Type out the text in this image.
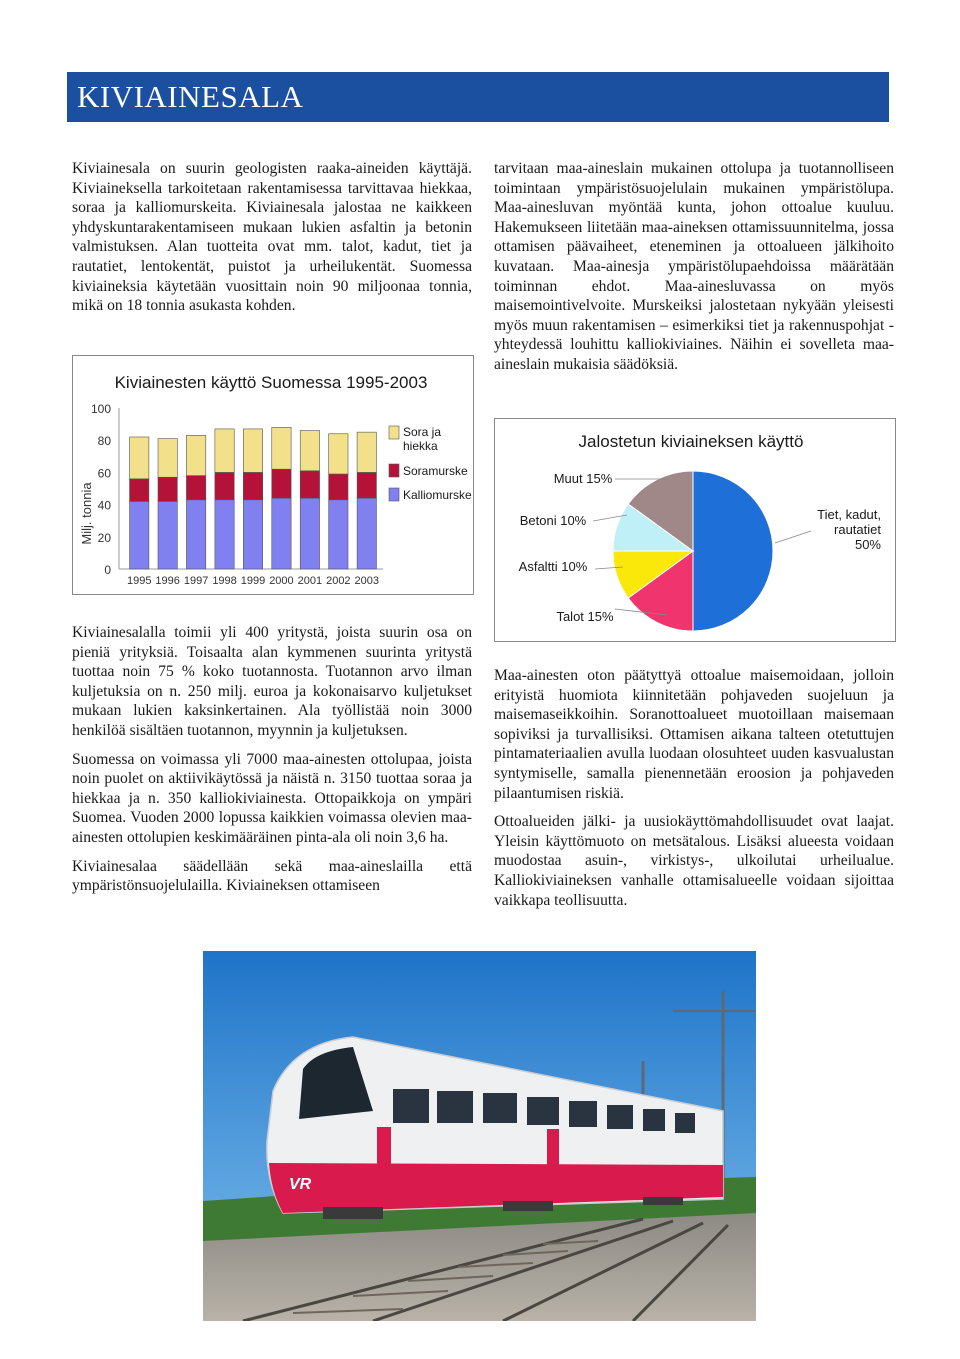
KIVIAINESALA

Kiviainesala on suurin geologisten raaka-aineiden käyttäjä. Kiviaineksella tarkoitetaan rakentamisessa tarvittavaa hiekkaa, soraa ja kalliomurskeita. Kiviainesala jalostaa ne kaikkeen yhdyskuntarakentamiseen mukaan lukien asfaltin ja betonin valmistuksen. Alan tuotteita ovat mm. talot, kadut, tiet ja rautatiet, lentokentät, puistot ja urheilukentät. Suomessa kiviaineksia käytetään vuosittain noin 90 miljoonaa tonnia, mikä on 18 tonnia asukasta kohden.

Kiviainesten käyttö Suomessa 1995-2003
0
20
40
60
80
100
Milj. tonnia
1995 1996 1997 1998 1999 2000 2001 2002 2003
Sora ja hiekka
Soramurske
Kalliomurske

Kiviainesalalla toimii yli 400 yritystä, joista suurin osa on pieniä yrityksiä. Toisaalta alan kymmenen suurinta yritystä tuottaa noin 75 % koko tuotannosta. Tuotannon arvo ilman kuljetuksia on n. 250 milj. euroa ja kokonaisarvo kuljetukset mukaan lukien kaksinkertainen. Ala työllistää noin 3000 henkilöä sisältäen tuotannon, myynnin ja kuljetuksen.

Suomessa on voimassa yli 7000 maa-ainesten ottolupaa, joista noin puolet on aktiivikäytössä ja näistä n. 3150 tuottaa soraa ja hiekkaa ja n. 350 kalliokiviainesta. Ottopaikkoja on ympäri Suomea. Vuoden 2000 lopussa kaikkien voimassa olevien maa-ainesten ottolupien keskimääräinen pinta-ala oli noin 3,6 ha.

Kiviainesalaa säädellään sekä maa-aineslailla että ympäristönsuojelulailla. Kiviaineksen ottamiseen

tarvitaan maa-aineslain mukainen ottolupa ja tuotannolliseen toimintaan ympäristösuojelulain mukainen ympäristölupa. Maa-ainesluvan myöntää kunta, johon ottoalue kuuluu. Hakemukseen liitetään maa-aineksen ottamissuunnitelma, jossa ottamisen päävaiheet, eteneminen ja ottoalueen jälkihoito kuvataan. Maa-ainesja ympäristölupaehdoissa määrätään toiminnan ehdot. Maa-ainesluvassa on myös maisemointivelvoite. Murskeiksi jalostetaan nykyään yleisesti myös muun rakentamisen – esimerkiksi tiet ja rakennuspohjat - yhteydessä louhittu kalliokiviaines. Näihin ei sovelleta maa-aineslain mukaisia säädöksiä.

Jalostetun kiviaineksen käyttö
Tiet, kadut, rautatiet 50%
Talot 15%
Asfaltti 10%
Betoni 10%
Muut 15%

Maa-ainesten oton päätyttyä ottoalue maisemoidaan, jolloin erityistä huomiota kiinnitetään pohjaveden suojeluun ja maisemaseikkoihin. Soranottoalueet muotoillaan maisemaan sopiviksi ja turvallisiksi. Ottamisen aikana talteen otetuttujen pintamateriaalien avulla luodaan olosuhteet uuden kasvualustan syntymiselle, samalla pienennetään eroosion ja pohjaveden pilaantumisen riskiä.

Ottoalueiden jälki- ja uusiokäyttömahdollisuudet ovat laajat. Yleisin käyttömuoto on metsätalous. Lisäksi alueesta voidaan muodostaa asuin-, virkistys-, ulkoilutai urheilualue. Kalliokiviaineksen vanhalle ottamisalueelle voidaan sijoittaa vaikkapa teollisuutta.

VR
